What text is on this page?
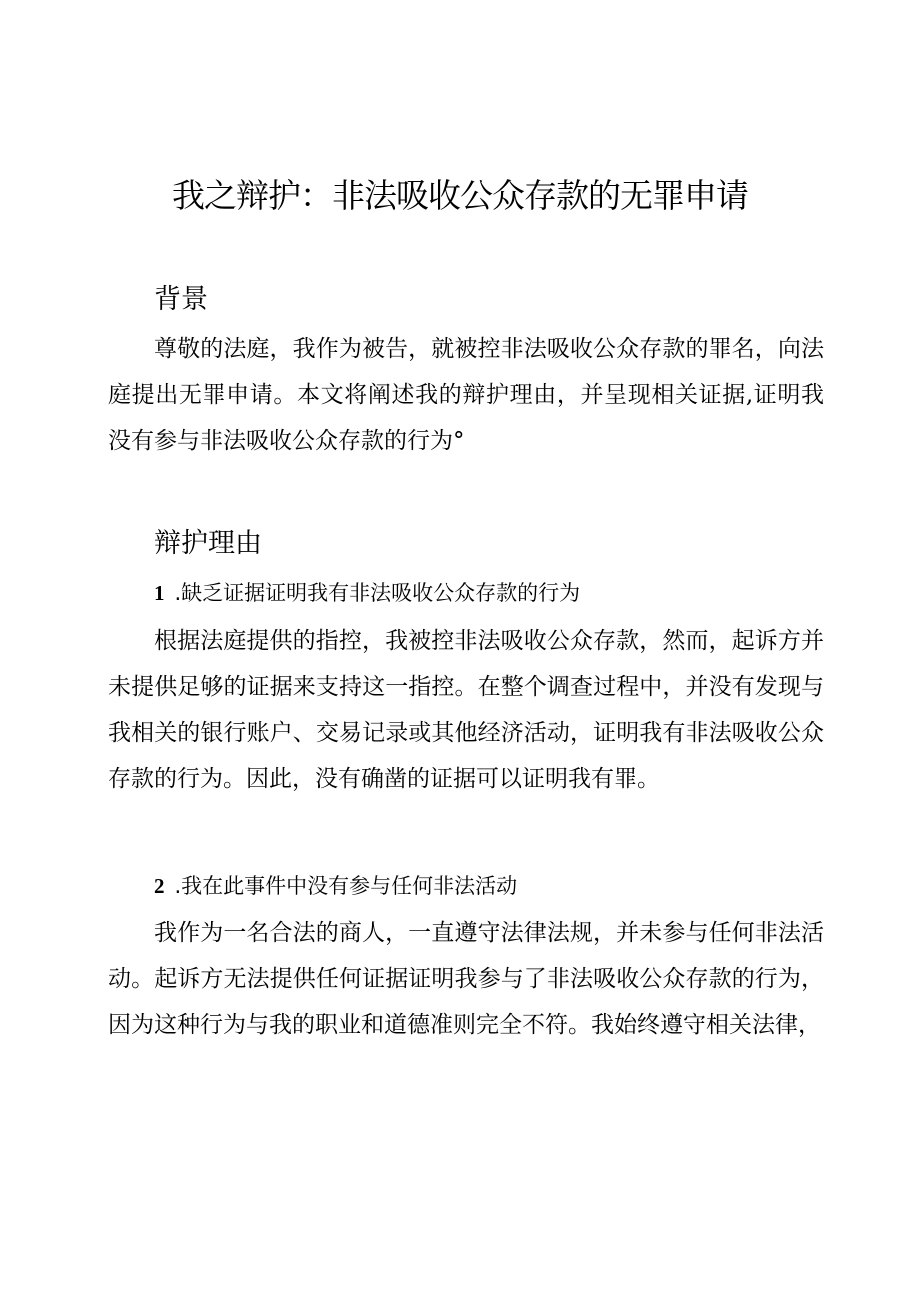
我之辩护：非法吸收公众存款的无罪申请
背景

尊敬的法庭，我作为被告，就被控非法吸收公众存款的罪名，向法庭提出无罪申请。本文将阐述我的辩护理由，并呈现相关证据,证明我没有参与非法吸收公众存款的行为°

辩护理由
1 .缺乏证据证明我有非法吸收公众存款的行为

根据法庭提供的指控，我被控非法吸收公众存款，然而，起诉方并未提供足够的证据来支持这一指控。在整个调查过程中，并没有发现与我相关的银行账户、交易记录或其他经济活动，证明我有非法吸收公众存款的行为。因此，没有确凿的证据可以证明我有罪。

2 .我在此事件中没有参与任何非法活动

我作为一名合法的商人，一直遵守法律法规，并未参与任何非法活动。起诉方无法提供任何证据证明我参与了非法吸收公众存款的行为，因为这种行为与我的职业和道德准则完全不符。我始终遵守相关法律，
